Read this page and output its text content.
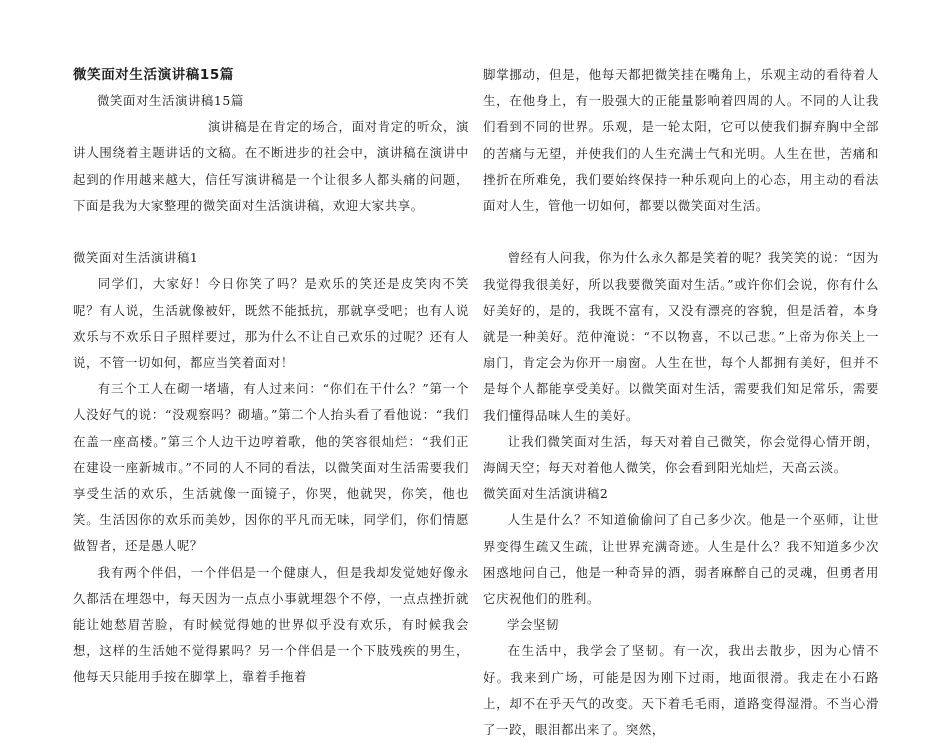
微笑面对生活演讲稿15篇

微笑面对生活演讲稿15篇

演讲稿是在肯定的场合，面对肯定的听众，演讲人围绕着主题讲话的文稿。在不断进步的社会中，演讲稿在演讲中起到的作用越来越大，信任写演讲稿是一个让很多人都头痛的问题，下面是我为大家整理的微笑面对生活演讲稿，欢迎大家共享。

微笑面对生活演讲稿1

同学们，大家好！今日你笑了吗？是欢乐的笑还是皮笑肉不笑呢？有人说，生活就像被奸，既然不能抵抗，那就享受吧；也有人说欢乐与不欢乐日子照样要过，那为什么不让自己欢乐的过呢？还有人说，不管一切如何，都应当笑着面对！

有三个工人在砌一堵墙，有人过来问：“你们在干什么？”第一个人没好气的说：“没观察吗？砌墙。”第二个人抬头看了看他说：“我们在盖一座高楼。”第三个人边干边哼着歌，他的笑容很灿烂：“我们正在建设一座新城市。”不同的人不同的看法，以微笑面对生活需要我们享受生活的欢乐，生活就像一面镜子，你哭，他就哭，你笑，他也笑。生活因你的欢乐而美妙，因你的平凡而无味，同学们，你们情愿做智者，还是愚人呢？

我有两个伴侣，一个伴侣是一个健康人，但是我却发觉她好像永久都活在埋怨中，每天因为一点点小事就埋怨个不停，一点点挫折就能让她愁眉苦脸，有时候觉得她的世界似乎没有欢乐，有时候我会想，这样的生活她不觉得累吗？另一个伴侣是一个下肢残疾的男生，他每天只能用手按在脚掌上，靠着手拖着

脚掌挪动，但是，他每天都把微笑挂在嘴角上，乐观主动的看待着人生，在他身上，有一股强大的正能量影响着四周的人。不同的人让我们看到不同的世界。乐观，是一轮太阳，它可以使我们摒弃胸中全部的苦痛与无望，并使我们的人生充满士气和光明。人生在世，苦痛和挫折在所难免，我们要始终保持一种乐观向上的心态，用主动的看法面对人生，管他一切如何，都要以微笑面对生活。

曾经有人问我，你为什么永久都是笑着的呢？我笑笑的说：“因为我觉得我很美好，所以我要微笑面对生活。”或许你们会说，你有什么好美好的，是的，我既不富有，又没有漂亮的容貌，但是活着，本身就是一种美好。范仲淹说：“不以物喜，不以己悲。”上帝为你关上一扇门，肯定会为你开一扇窗。人生在世，每个人都拥有美好，但并不是每个人都能享受美好。以微笑面对生活，需要我们知足常乐，需要我们懂得品味人生的美好。

让我们微笑面对生活，每天对着自己微笑，你会觉得心情开朗，海阔天空；每天对着他人微笑，你会看到阳光灿烂，天高云淡。

微笑面对生活演讲稿2

人生是什么？不知道偷偷问了自己多少次。他是一个巫师，让世界变得生疏又生疏，让世界充满奇迹。人生是什么？我不知道多少次困惑地问自己，他是一种奇异的酒，弱者麻醉自己的灵魂，但勇者用它庆祝他们的胜利。

学会坚韧

在生活中，我学会了坚韧。有一次，我出去散步，因为心情不好。我来到广场，可能是因为刚下过雨，地面很滑。我走在小石路上，却不在乎天气的改变。天下着毛毛雨，道路变得湿滑。不当心滑了一跤，眼泪都出来了。突然，
